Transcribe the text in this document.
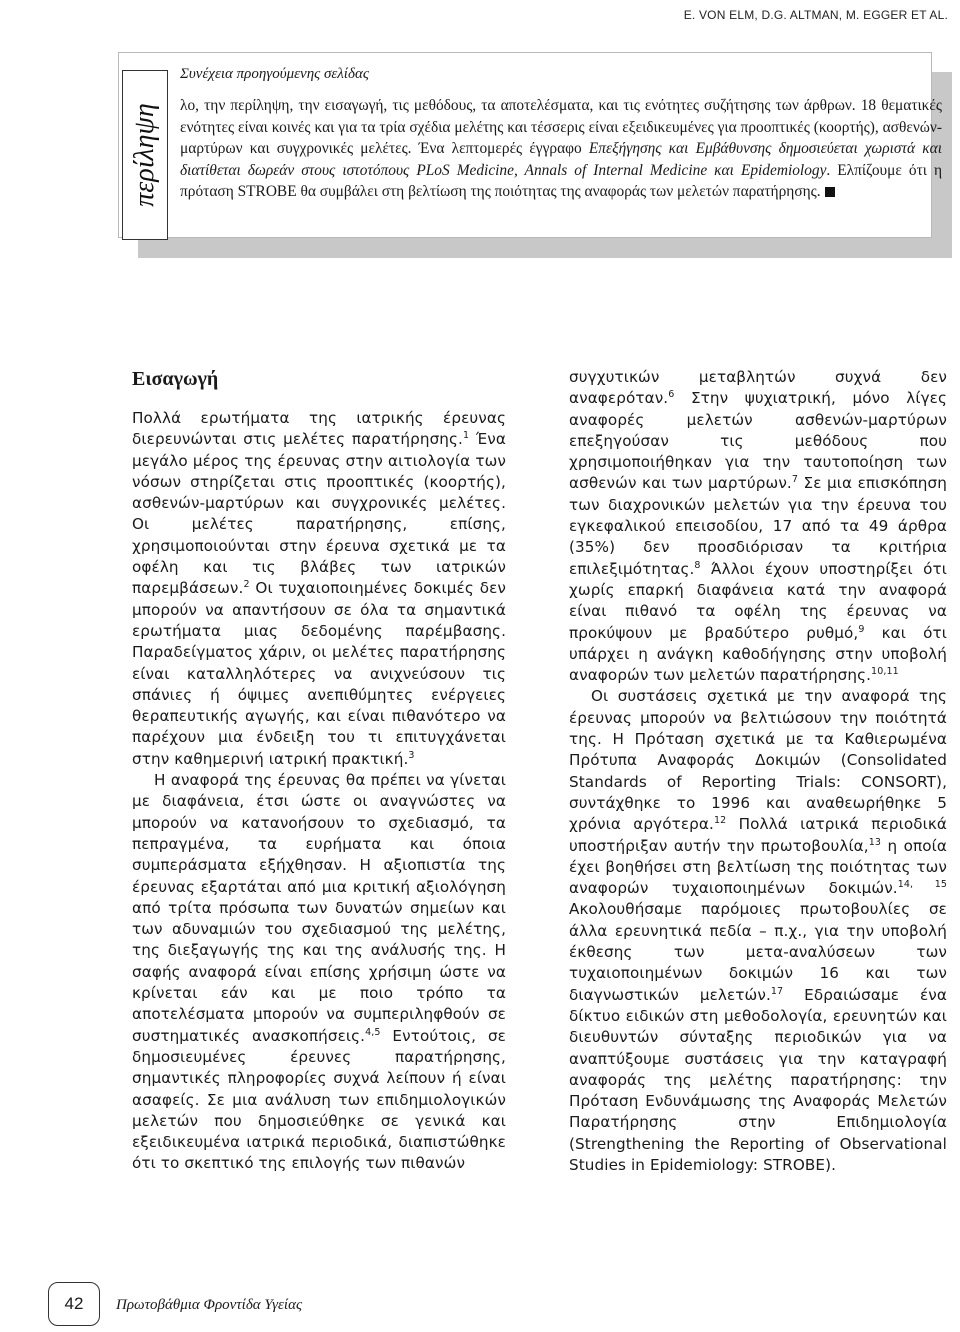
E. VON ELM, D.G. ALTMAN, M. EGGER ET AL.
περίληψη
Συνέχεια προηγούμενης σελίδας
λο, την περίληψη, την εισαγωγή, τις μεθόδους, τα αποτελέσματα, και τις ενότητες συζήτησης των άρθρων. 18 θεματικές ενότητες είναι κοινές και για τα τρία σχέδια μελέτης και τέσσερις είναι εξειδικευμένες για προοπτικές (κοορτής), ασθενών-μαρτύρων και συγχρονικές μελέτες. Ένα λεπτομερές έγγραφο Επεξήγησης και Εμβάθυνσης δημοσιεύεται χωριστά και διατίθεται δωρεάν στους ιστοτόπους PLoS Medicine, Annals of Internal Medicine και Epidemiology. Ελπίζουμε ότι η πρόταση STROBE θα συμβάλει στη βελτίωση της ποιότητας της αναφοράς των μελετών παρατήρησης.
Εισαγωγή

Πολλά ερωτήματα της ιατρικής έρευνας διερευνώνται στις μελέτες παρατήρησης.$^1$ Ένα μεγάλο μέρος της έρευνας στην αιτιολογία των νόσων στηρίζεται στις προοπτικές (κοορτής), ασθενών-μαρτύρων και συγχρονικές μελέτες. Οι μελέτες παρατήρησης, επίσης, χρησιμοποιούνται στην έρευνα σχετικά με τα οφέλη και τις βλάβες των ιατρικών παρεμβάσεων.$^2$ Οι τυχαιοποιημένες δοκιμές δεν μπορούν να απαντήσουν σε όλα τα σημαντικά ερωτήματα μιας δεδομένης παρέμβασης. Παραδείγματος χάριν, οι μελέτες παρατήρησης είναι καταλληλότερες να ανιχνεύσουν τις σπάνιες ή όψιμες ανεπιθύμητες ενέργειες θεραπευτικής αγωγής, και είναι πιθανότερο να παρέχουν μια ένδειξη του τι επιτυγχάνεται στην καθημερινή ιατρική πρακτική.$^3$

Η αναφορά της έρευνας θα πρέπει να γίνεται με διαφάνεια, έτσι ώστε οι αναγνώστες να μπορούν να κατανοήσουν το σχεδιασμό, τα πεπραγμένα, τα ευρήματα και όποια συμπεράσματα εξήχθησαν. Η αξιοπιστία της έρευνας εξαρτάται από μια κριτική αξιολόγηση από τρίτα πρόσωπα των δυνατών σημείων και των αδυναμιών του σχεδιασμού της μελέτης, της διεξαγωγής της και της ανάλυσής της. Η σαφής αναφορά είναι επίσης χρήσιμη ώστε να κρίνεται εάν και με ποιο τρόπο τα αποτελέσματα μπορούν να συμπεριληφθούν σε συστηματικές ανασκοπήσεις.$^{4,5}$ Εντούτοις, σε δημοσιευμένες έρευνες παρατήρησης, σημαντικές πληροφορίες συχνά λείπουν ή είναι ασαφείς. Σε μια ανάλυση των επιδημιολογικών μελετών που δημοσιεύθηκε σε γενικά και εξειδικευμένα ιατρικά περιοδικά, διαπιστώθηκε ότι το σκεπτικό της επιλογής των πιθανών

συγχυτικών μεταβλητών συχνά δεν αναφερόταν.$^6$ Στην ψυχιατρική, μόνο λίγες αναφορές μελετών ασθενών-μαρτύρων επεξηγούσαν τις μεθόδους που χρησιμοποιήθηκαν για την ταυτοποίηση των ασθενών και των μαρτύρων.$^7$ Σε μια επισκόπηση των διαχρονικών μελετών για την έρευνα του εγκεφαλικού επεισοδίου, 17 από τα 49 άρθρα (35%) δεν προσδιόρισαν τα κριτήρια επιλεξιμότητας.$^8$ Άλλοι έχουν υποστηρίξει ότι χωρίς επαρκή διαφάνεια κατά την αναφορά είναι πιθανό τα οφέλη της έρευνας να προκύψουν με βραδύτερο ρυθμό,$^9$ και ότι υπάρχει η ανάγκη καθοδήγησης στην υποβολή αναφορών των μελετών παρατήρησης.$^{10,11}$

Οι συστάσεις σχετικά με την αναφορά της έρευνας μπορούν να βελτιώσουν την ποιότητά της. Η Πρόταση σχετικά με τα Καθιερωμένα Πρότυπα Αναφοράς Δοκιμών (Consolidated Standards of Reporting Trials: CONSORT), συντάχθηκε το 1996 και αναθεωρήθηκε 5 χρόνια αργότερα.$^{12}$ Πολλά ιατρικά περιοδικά υποστήριξαν αυτήν την πρωτοβουλία,$^{13}$ η οποία έχει βοηθήσει στη βελτίωση της ποιότητας των αναφορών τυχαιοποιημένων δοκιμών.$^{14, 15}$ Ακολουθήσαμε παρόμοιες πρωτοβουλίες σε άλλα ερευνητικά πεδία – π.χ., για την υποβολή έκθεσης των μετα-αναλύσεων των τυχαιοποιημένων δοκιμών 16 και των διαγνωστικών μελετών.$^{17}$ Εδραιώσαμε ένα δίκτυο ειδικών στη μεθοδολογία, ερευνητών και διευθυντών σύνταξης περιοδικών για να αναπτύξουμε συστάσεις για την καταγραφή αναφοράς της μελέτης παρατήρησης: την Πρόταση Ενδυνάμωσης της Αναφοράς Μελετών Παρατήρησης στην Επιδημιολογία (Strengthening the Reporting of Observational Studies in Epidemiology: STROBE).

42	Πρωτοβάθμια Φροντίδα Υγείας
